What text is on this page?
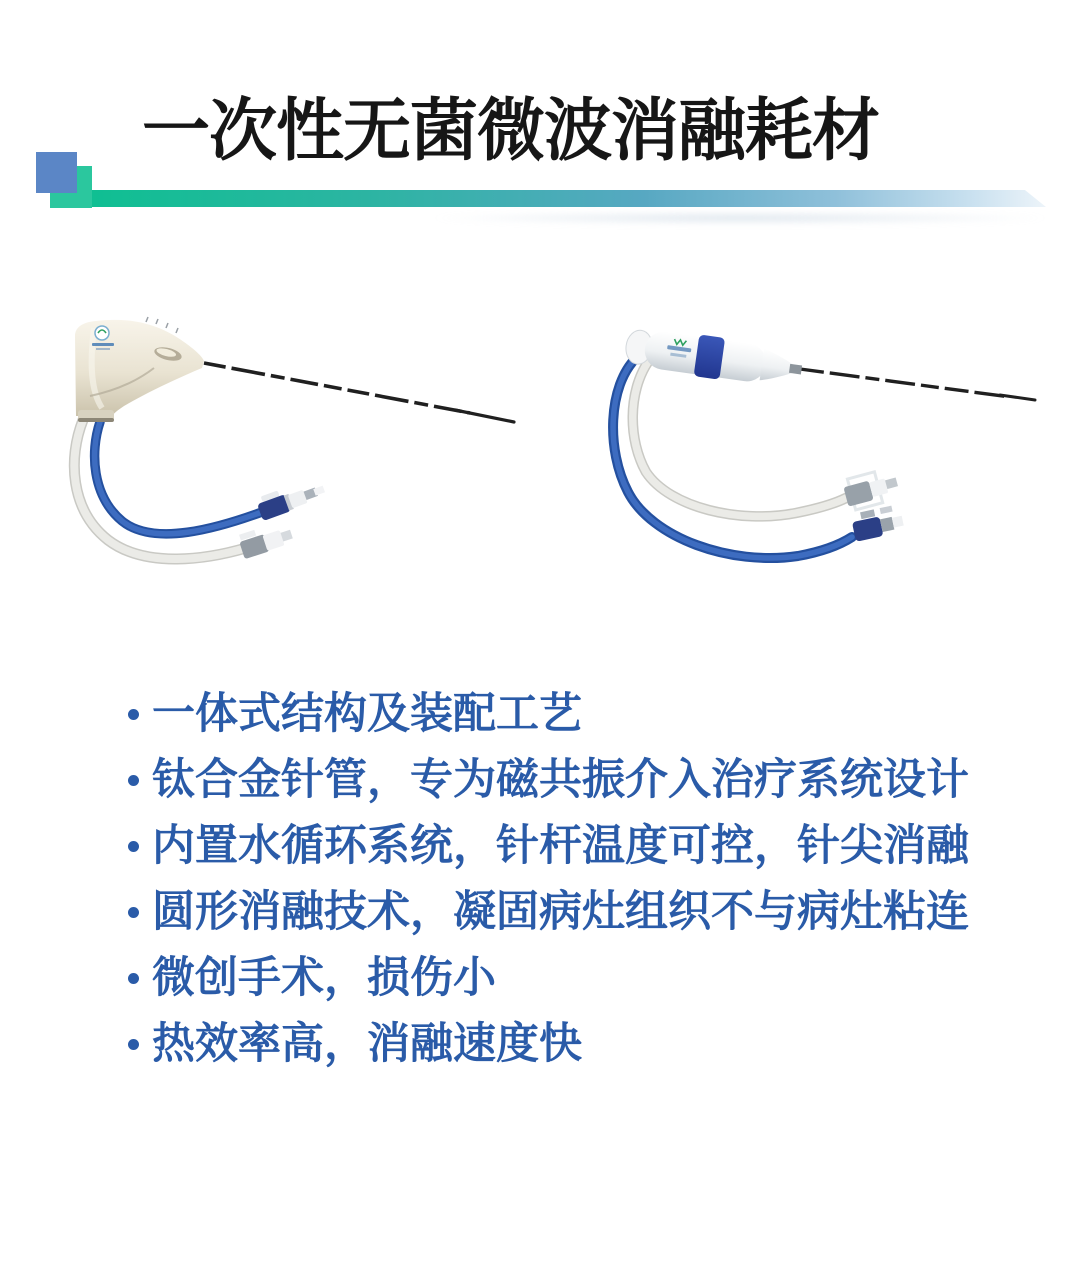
一次性无菌微波消融耗材
一体式结构及装配工艺
钛合金针管，专为磁共振介入治疗系统设计
内置水循环系统，针杆温度可控，针尖消融
圆形消融技术，凝固病灶组织不与病灶粘连
微创手术，损伤小
热效率高，消融速度快
